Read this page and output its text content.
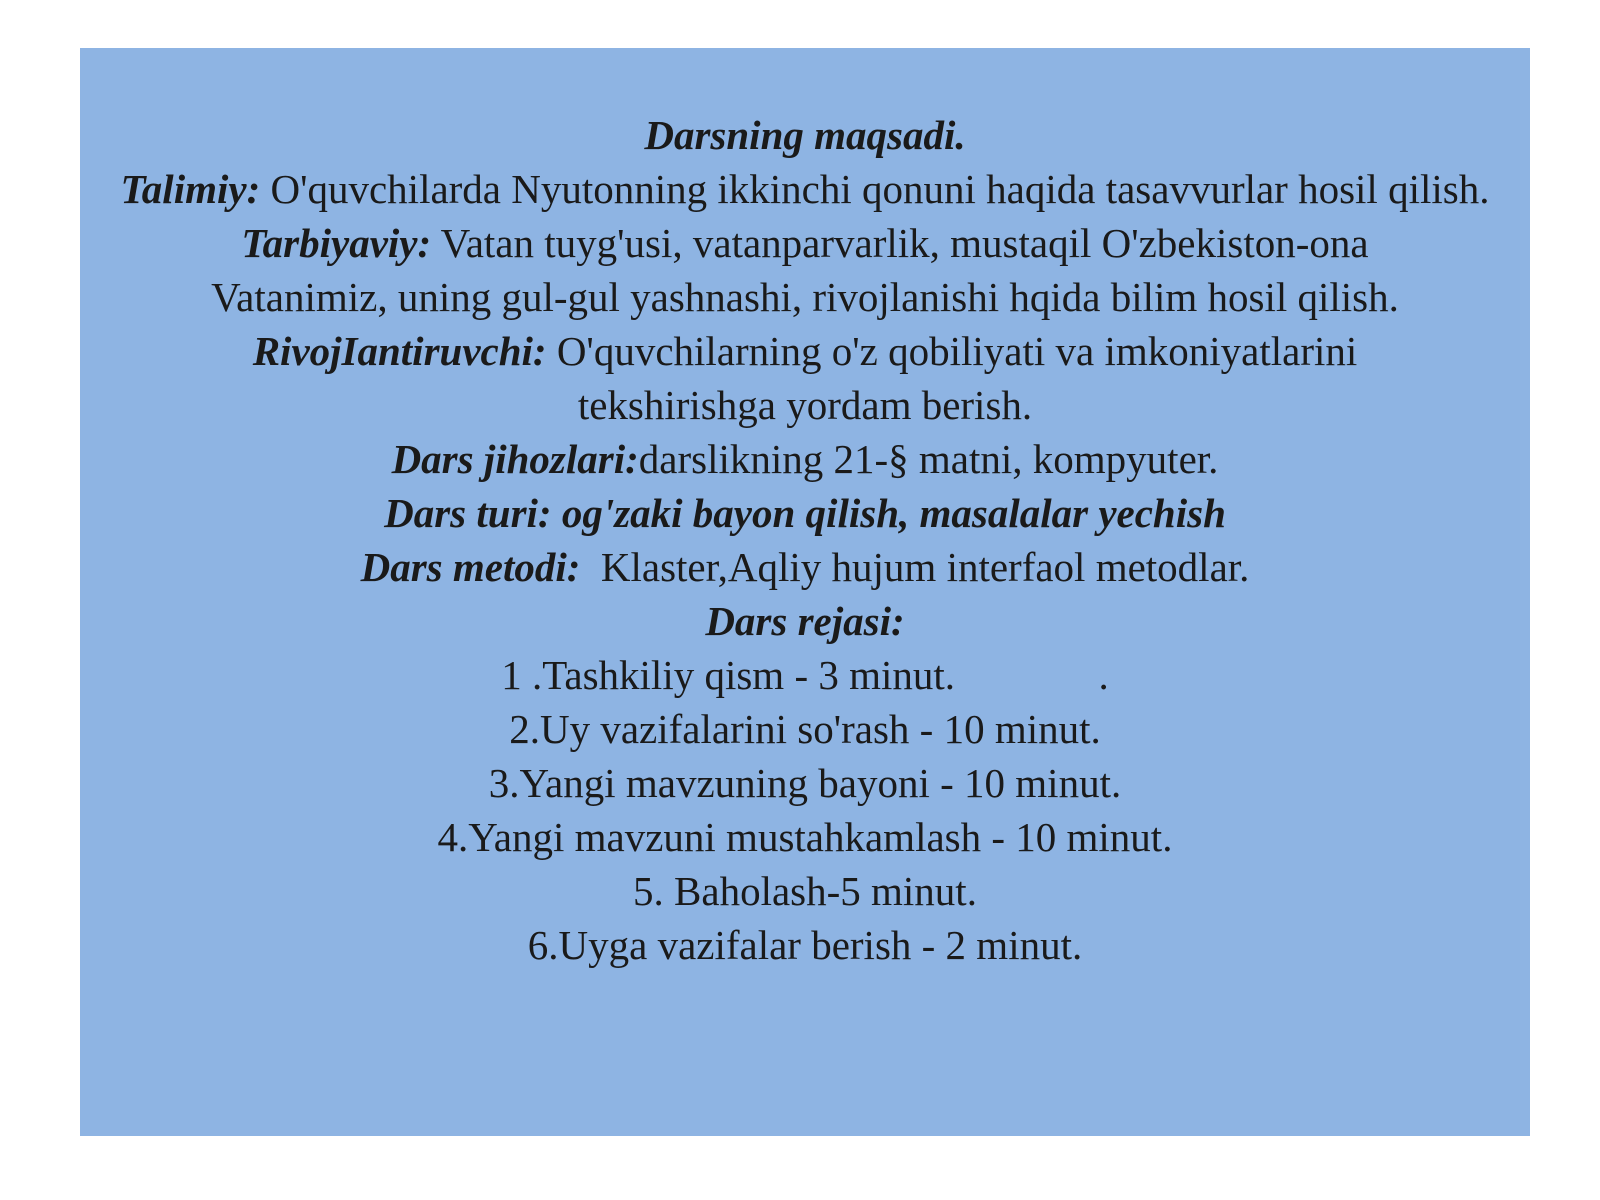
Darsning maqsadi.
Talimiy: O'quvchilarda Nyutonning ikkinchi qonuni haqida tasavvurlar hosil qilish.
Tarbiyaviy: Vatan tuyg'usi, vatanparvarlik, mustaqil O'zbekiston-ona Vatanimiz, uning gul-gul yashnashi, rivojlanishi hqida bilim hosil qilish.
RivojIantiruvchi: O'quvchilarning o'z qobiliyati va imkoniyatlarini tekshirishga yordam berish.
Dars jihozlari:darslikning 21-§ matni, kompyuter.
Dars turi: og'zaki bayon qilish, masalalar yechish
Dars metodi:  Klaster,Aqliy hujum interfaol metodlar.
Dars rejasi:
1 .Tashkiliy qism - 3 minut.              .
2.Uy vazifalarini so'rash - 10 minut.
3.Yangi mavzuning bayoni - 10 minut.
4.Yangi mavzuni mustahkamlash - 10 minut.
5. Baholash-5 minut.
6.Uyga vazifalar berish - 2 minut.
